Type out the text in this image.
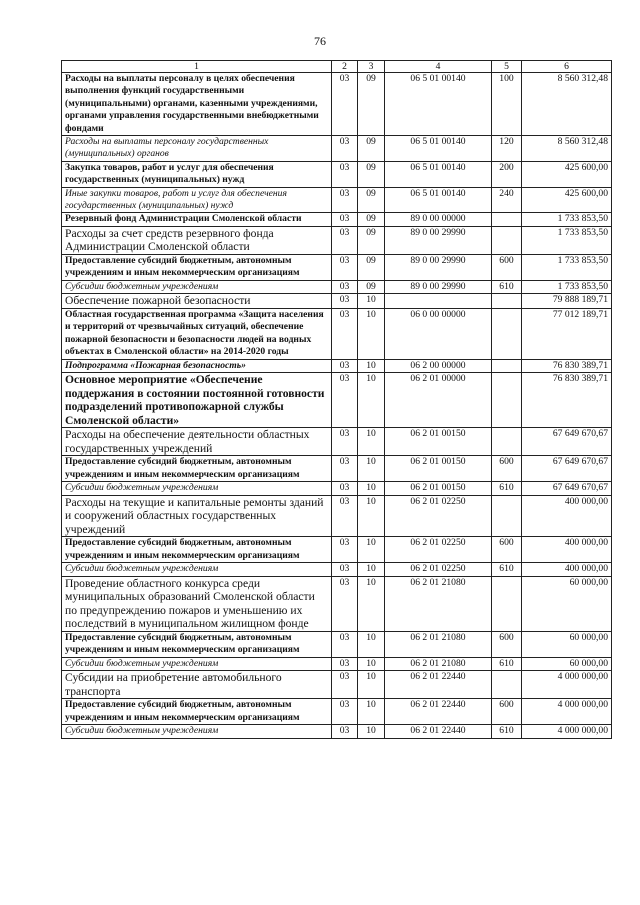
76
1	2	3	4	5	6
Расходы на выплаты персоналу в целях обеспечения выполнения функций государственными (муниципальными) органами, казенными учреждениями, органами управления государственными внебюджетными фондами	03	09	06 5 01 00140	100	8 560 312,48
Расходы на выплаты персоналу государственных (муниципальных) органов	03	09	06 5 01 00140	120	8 560 312,48
Закупка товаров, работ и услуг для обеспечения государственных (муниципальных) нужд	03	09	06 5 01 00140	200	425 600,00
Иные закупки товаров, работ и услуг для обеспечения государственных (муниципальных) нужд	03	09	06 5 01 00140	240	425 600,00
Резервный фонд Администрации Смоленской области	03	09	89 0 00 00000		1 733 853,50
Расходы за счет средств резервного фонда Администрации Смоленской области	03	09	89 0 00 29990		1 733 853,50
Предоставление субсидий бюджетным, автономным учреждениям и иным некоммерческим организациям	03	09	89 0 00 29990	600	1 733 853,50
Субсидии бюджетным учреждениям	03	09	89 0 00 29990	610	1 733 853,50
Обеспечение пожарной безопасности	03	10			79 888 189,71
Областная государственная программа «Защита населения и территорий от чрезвычайных ситуаций, обеспечение пожарной безопасности и безопасности людей на водных объектах в Смоленской области» на 2014-2020 годы	03	10	06 0 00 00000		77 012 189,71
Подпрограмма «Пожарная безопасность»	03	10	06 2 00 00000		76 830 389,71
Основное мероприятие «Обеспечение поддержания в состоянии постоянной готовности подразделений противопожарной службы Смоленской области»	03	10	06 2 01 00000		76 830 389,71
Расходы на обеспечение деятельности областных государственных учреждений	03	10	06 2 01 00150		67 649 670,67
Предоставление субсидий бюджетным, автономным учреждениям и иным некоммерческим организациям	03	10	06 2 01 00150	600	67 649 670,67
Субсидии бюджетным учреждениям	03	10	06 2 01 00150	610	67 649 670,67
Расходы на текущие и капитальные ремонты зданий и сооружений областных государственных учреждений	03	10	06 2 01 02250		400 000,00
Предоставление субсидий бюджетным, автономным учреждениям и иным некоммерческим организациям	03	10	06 2 01 02250	600	400 000,00
Субсидии бюджетным учреждениям	03	10	06 2 01 02250	610	400 000,00
Проведение областного конкурса среди муниципальных образований Смоленской области по предупреждению пожаров и уменьшению их последствий в муниципальном жилищном фонде	03	10	06 2 01 21080		60 000,00
Предоставление субсидий бюджетным, автономным учреждениям и иным некоммерческим организациям	03	10	06 2 01 21080	600	60 000,00
Субсидии бюджетным учреждениям	03	10	06 2 01 21080	610	60 000,00
Субсидии на приобретение автомобильного транспорта	03	10	06 2 01 22440		4 000 000,00
Предоставление субсидий бюджетным, автономным учреждениям и иным некоммерческим организациям	03	10	06 2 01 22440	600	4 000 000,00
Субсидии бюджетным учреждениям	03	10	06 2 01 22440	610	4 000 000,00
